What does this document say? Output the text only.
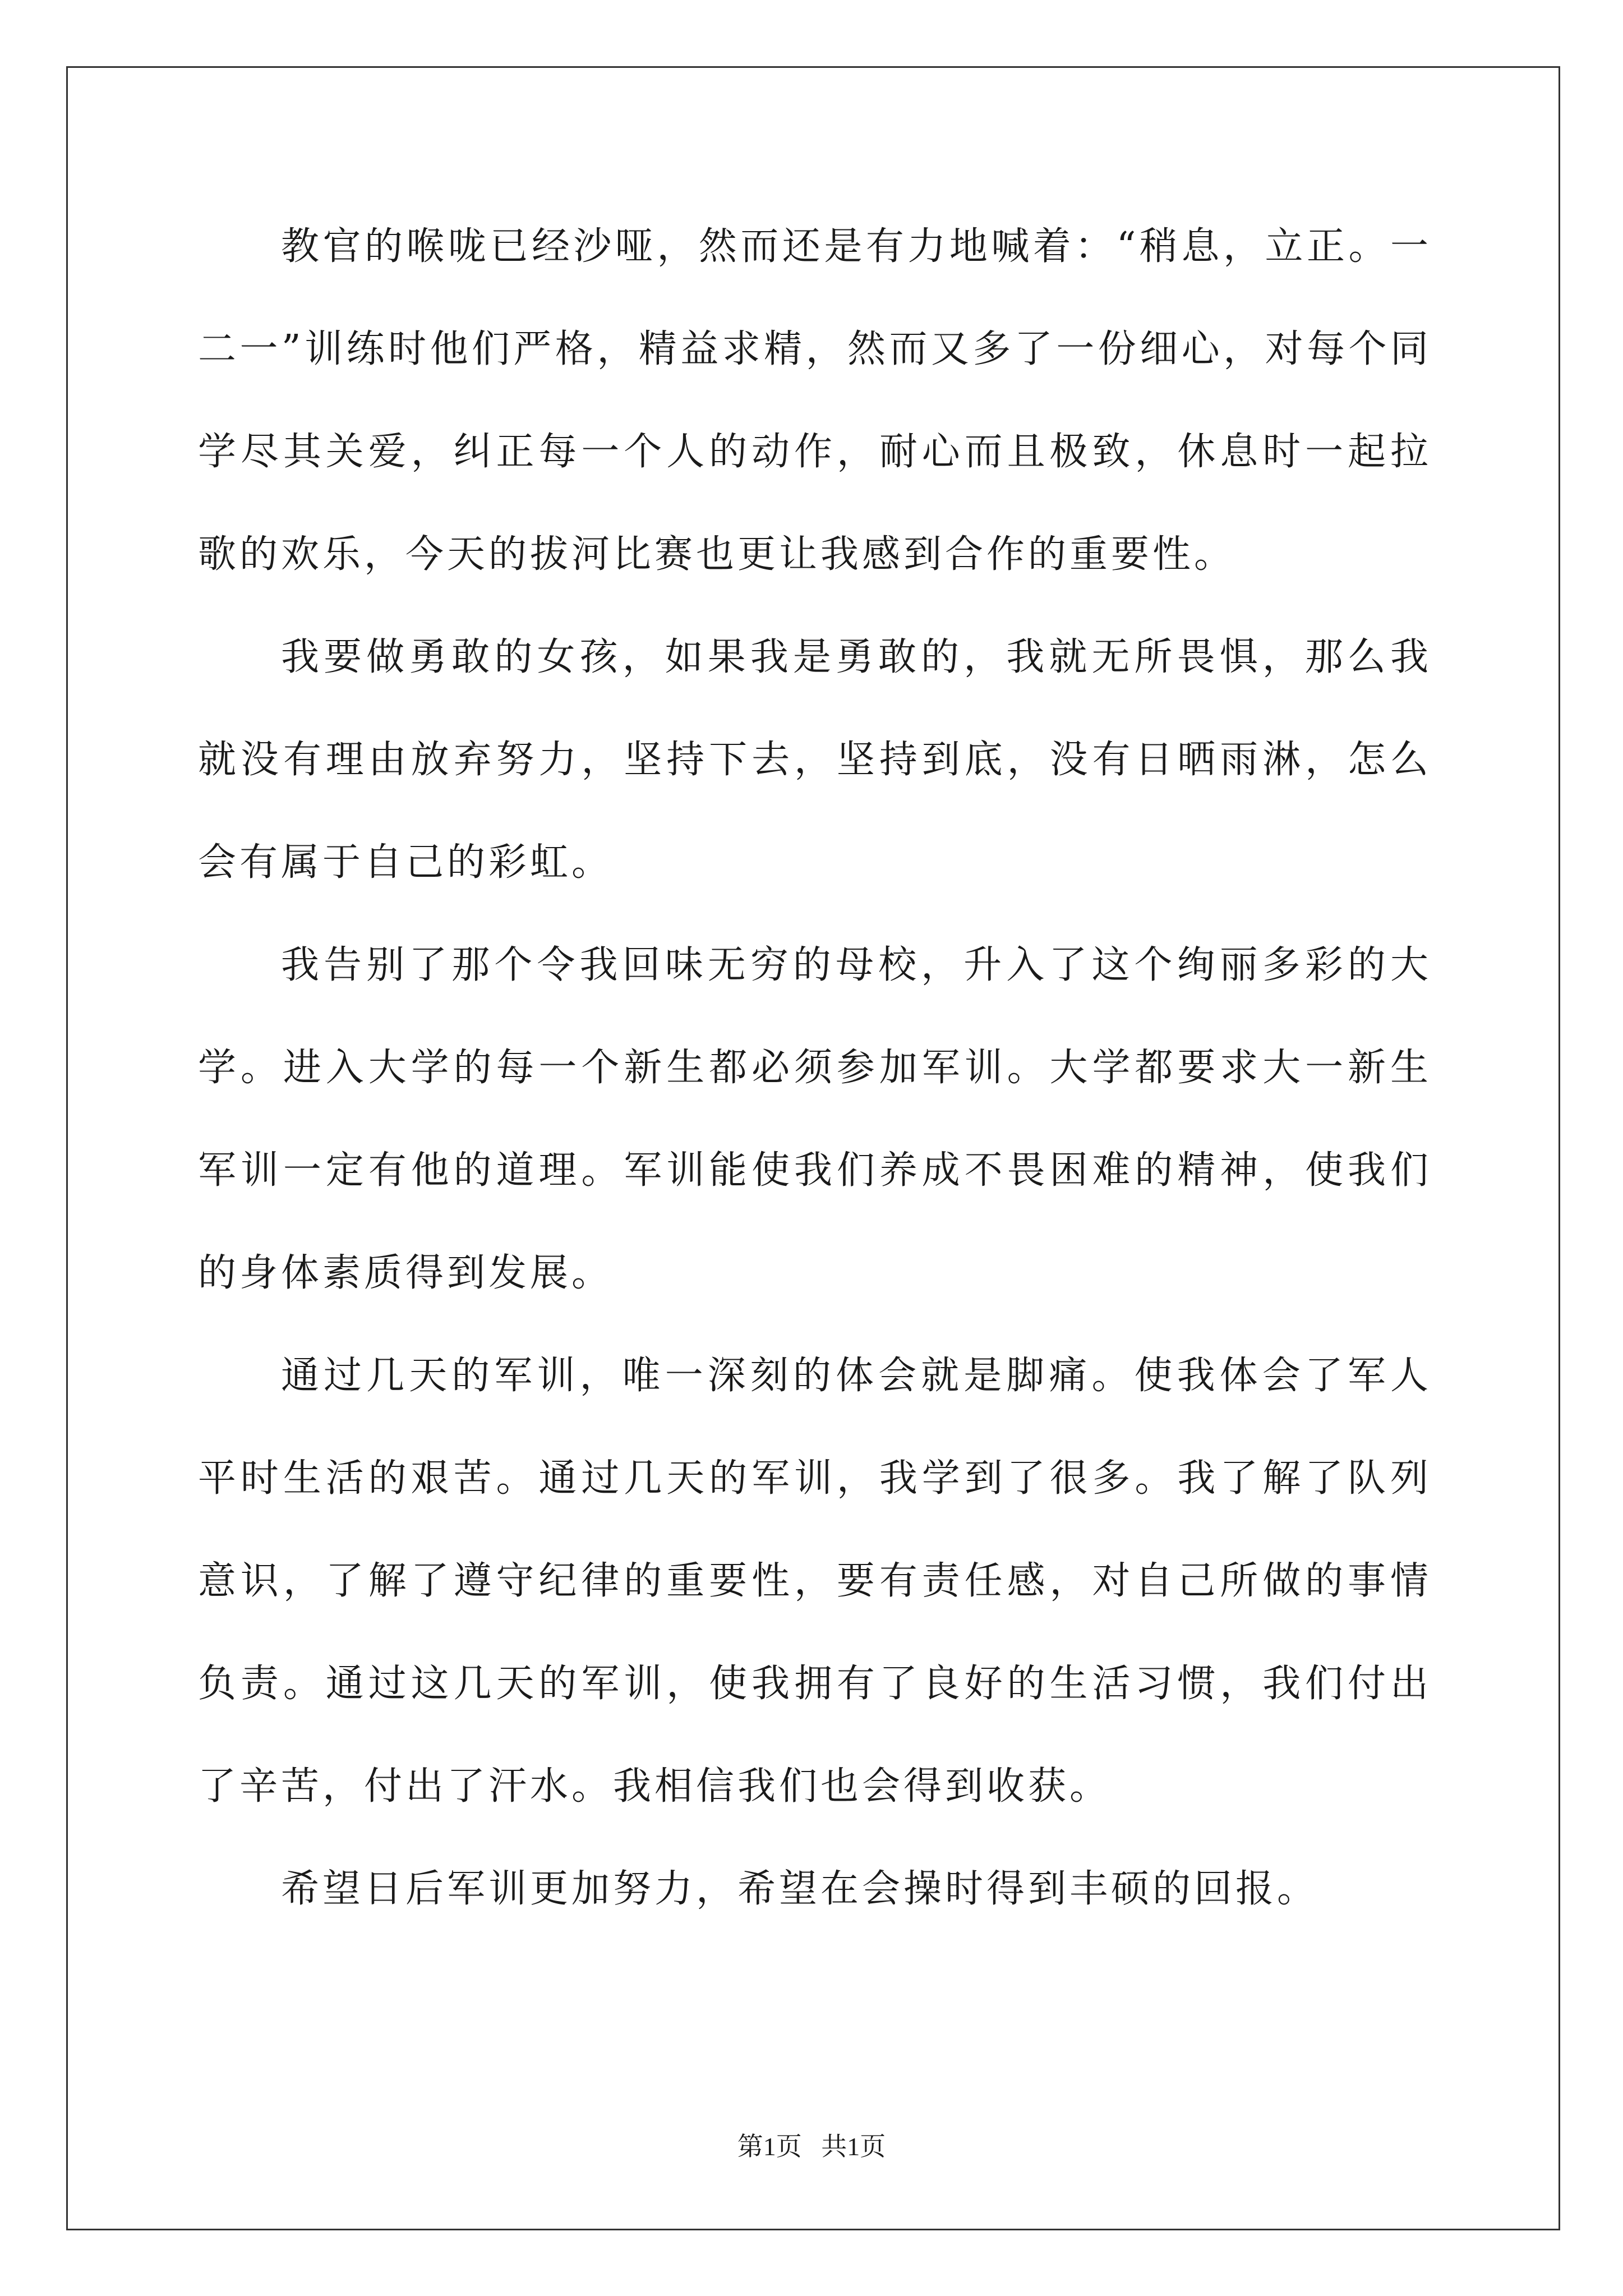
教官的喉咙已经沙哑，然而还是有力地喊着：“稍息，立正。一二一”训练时他们严格，精益求精，然而又多了一份细心，对每个同学尽其关爱，纠正每一个人的动作，耐心而且极致，休息时一起拉歌的欢乐，今天的拔河比赛也更让我感到合作的重要性。

我要做勇敢的女孩，如果我是勇敢的，我就无所畏惧，那么我就没有理由放弃努力，坚持下去，坚持到底，没有日晒雨淋，怎么会有属于自己的彩虹。

我告别了那个令我回味无穷的母校，升入了这个绚丽多彩的大学。进入大学的每一个新生都必须参加军训。大学都要求大一新生军训一定有他的道理。军训能使我们养成不畏困难的精神，使我们的身体素质得到发展。

通过几天的军训，唯一深刻的体会就是脚痛。使我体会了军人平时生活的艰苦。通过几天的军训，我学到了很多。我了解了队列意识，了解了遵守纪律的重要性，要有责任感，对自己所做的事情负责。通过这几天的军训，使我拥有了良好的生活习惯，我们付出了辛苦，付出了汗水。我相信我们也会得到收获。

希望日后军训更加努力，希望在会操时得到丰硕的回报。

第1页   共1页
